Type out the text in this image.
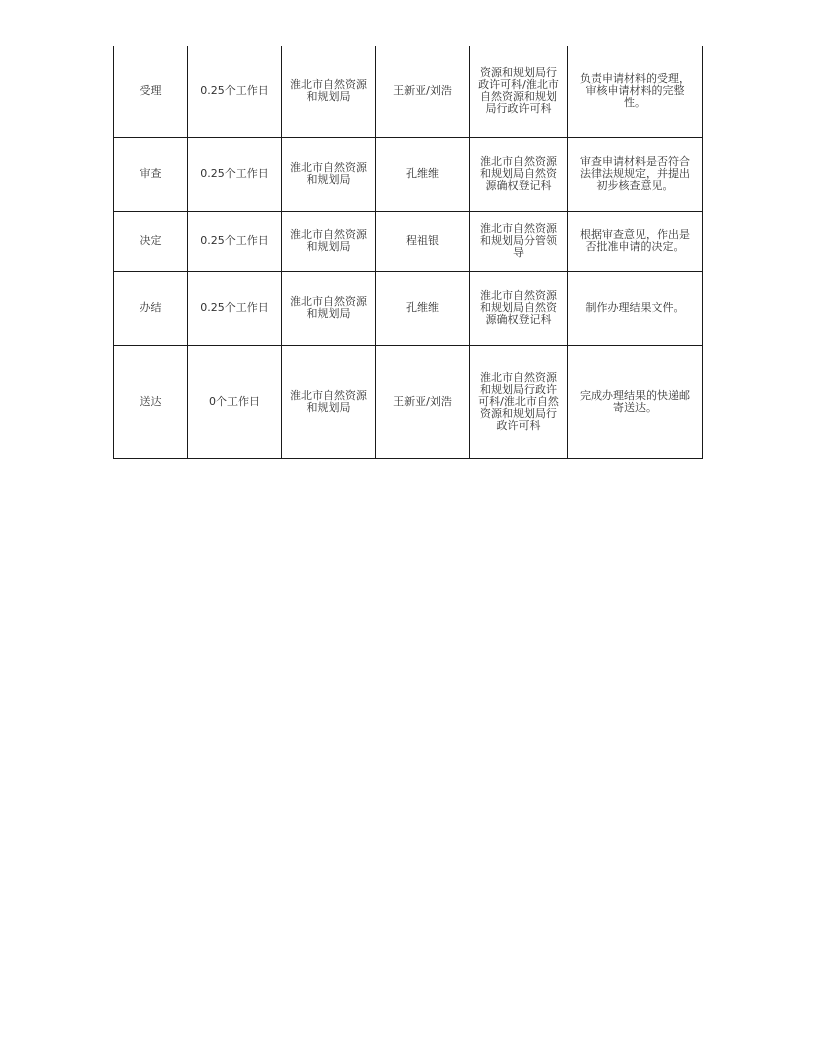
受理	0.25个工作日	淮北市自然资源和规划局	王新亚/刘浩	资源和规划局行政许可科/淮北市自然资源和规划局行政许可科	负责申请材料的受理，审核申请材料的完整性。
审查	0.25个工作日	淮北市自然资源和规划局	孔维维	淮北市自然资源和规划局自然资源确权登记科	审查申请材料是否符合法律法规规定，并提出初步核查意见。
决定	0.25个工作日	淮北市自然资源和规划局	程祖银	淮北市自然资源和规划局分管领导	根据审查意见，作出是否批准申请的决定。
办结	0.25个工作日	淮北市自然资源和规划局	孔维维	淮北市自然资源和规划局自然资源确权登记科	制作办理结果文件。
送达	0个工作日	淮北市自然资源和规划局	王新亚/刘浩	淮北市自然资源和规划局行政许可科/淮北市自然资源和规划局行政许可科	完成办理结果的快递邮寄送达。
